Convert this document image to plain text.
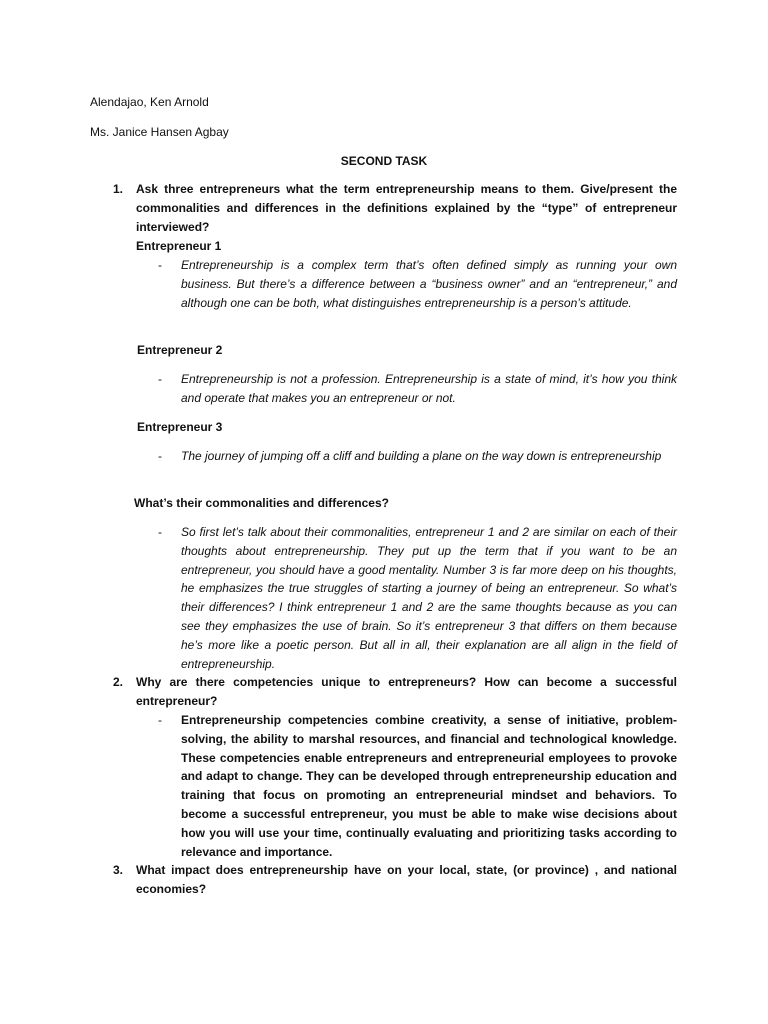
Alendajao, Ken Arnold
Ms. Janice Hansen Agbay
SECOND TASK
1. Ask three entrepreneurs what the term entrepreneurship means to them. Give/present the commonalities and differences in the definitions explained by the “type” of entrepreneur interviewed?
Entrepreneur 1
- Entrepreneurship is a complex term that’s often defined simply as running your own business. But there’s a difference between a “business owner” and an “entrepreneur,” and although one can be both, what distinguishes entrepreneurship is a person’s attitude.
Entrepreneur 2
- Entrepreneurship is not a profession. Entrepreneurship is a state of mind, it’s how you think and operate that makes you an entrepreneur or not.
Entrepreneur 3
- The journey of jumping off a cliff and building a plane on the way down is entrepreneurship
What’s their commonalities and differences?
- So first let’s talk about their commonalities, entrepreneur 1 and 2 are similar on each of their thoughts about entrepreneurship. They put up the term that if you want to be an entrepreneur, you should have a good mentality. Number 3 is far more deep on his thoughts, he emphasizes the true struggles of starting a journey of being an entrepreneur. So what’s their differences? I think entrepreneur 1 and 2 are the same thoughts because as you can see they emphasizes the use of brain. So it’s entrepreneur 3 that differs on them because he’s more like a poetic person. But all in all, their explanation are all align in the field of entrepreneurship.
2. Why are there competencies unique to entrepreneurs? How can become a successful entrepreneur?
- Entrepreneurship competencies combine creativity, a sense of initiative, problem-solving, the ability to marshal resources, and financial and technological knowledge. These competencies enable entrepreneurs and entrepreneurial employees to provoke and adapt to change. They can be developed through entrepreneurship education and training that focus on promoting an entrepreneurial mindset and behaviors. To become a successful entrepreneur, you must be able to make wise decisions about how you will use your time, continually evaluating and prioritizing tasks according to relevance and importance.
3. What impact does entrepreneurship have on your local, state, (or province) , and national economies?
